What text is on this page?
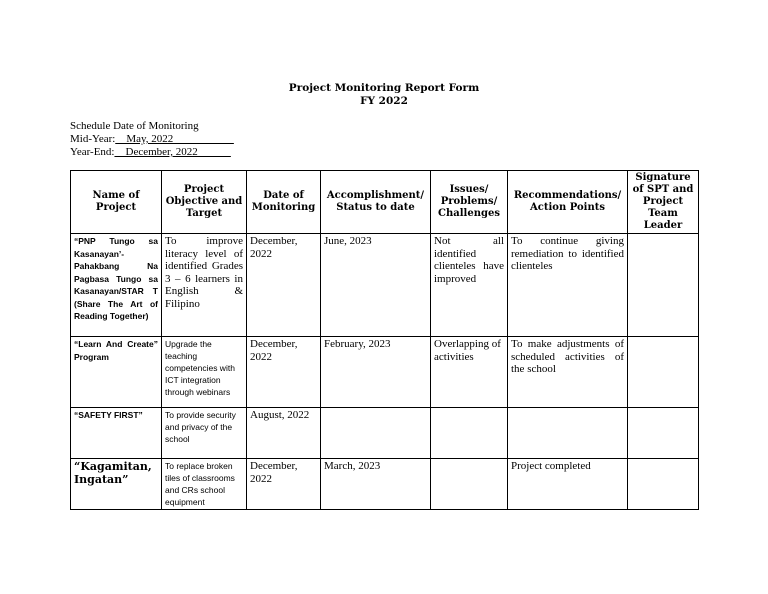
Project Monitoring Report Form
FY 2022
Schedule Date of Monitoring
Mid-Year:__May, 2022___________
Year-End:__December, 2022______
Name of Project	Project Objective and Target	Date of Monitoring	Accomplishment/ Status to date	Issues/ Problems/ Challenges	Recommendations/ Action Points	Signature of SPT and Project Team Leader
“PNP Tungo sa Kasanayan’- Pahakbang Na Pagbasa Tungo sa Kasanayan/STAR T (Share The Art of Reading Together)	To improve literacy level of identified Grades 3 – 6 learners in English & Filipino	December, 2022	June, 2023	Not all identified clienteles have improved	To continue giving remediation to identified clienteles	
“Learn And Create” Program	Upgrade the teaching competencies with ICT integration through webinars	December, 2022	February, 2023	Overlapping of activities	To make adjustments of scheduled activities of the school	
“SAFETY FIRST”	To provide security and privacy of the school	August, 2022				
“Kagamitan, Ingatan”	To replace broken tiles of classrooms and CRs school equipment	December, 2022	March, 2023		Project completed	
